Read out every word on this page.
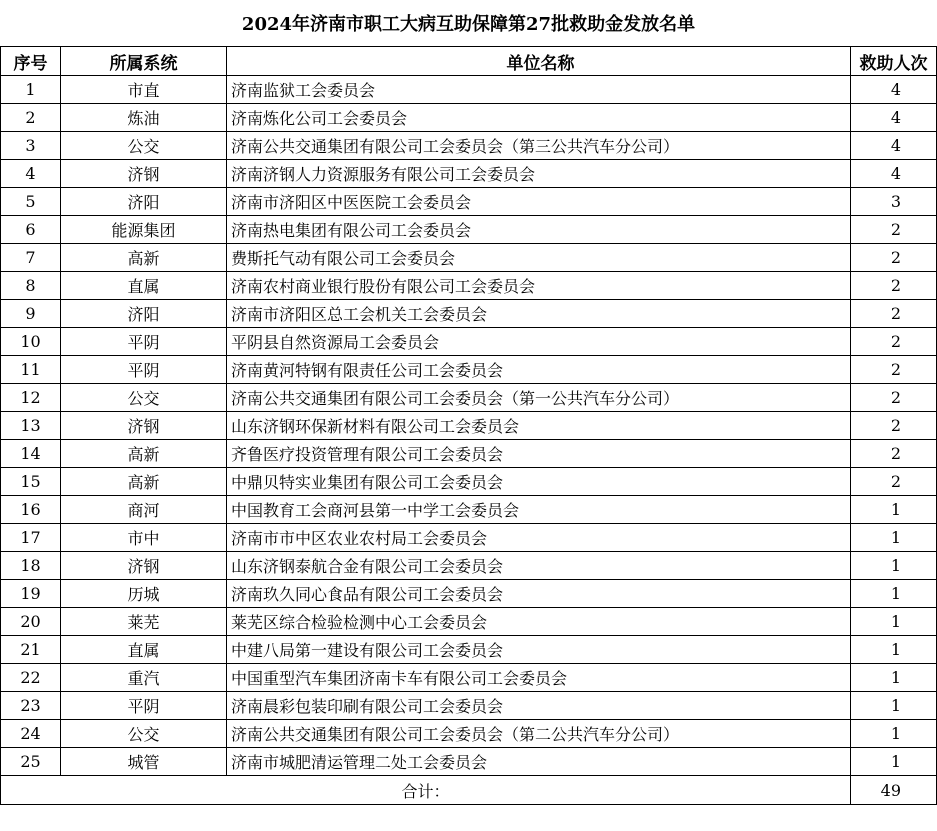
2024年济南市职工大病互助保障第27批救助金发放名单
序号	所属系统	单位名称	救助人次
1	市直	济南监狱工会委员会	4
2	炼油	济南炼化公司工会委员会	4
3	公交	济南公共交通集团有限公司工会委员会（第三公共汽车分公司）	4
4	济钢	济南济钢人力资源服务有限公司工会委员会	4
5	济阳	济南市济阳区中医医院工会委员会	3
6	能源集团	济南热电集团有限公司工会委员会	2
7	高新	费斯托气动有限公司工会委员会	2
8	直属	济南农村商业银行股份有限公司工会委员会	2
9	济阳	济南市济阳区总工会机关工会委员会	2
10	平阴	平阴县自然资源局工会委员会	2
11	平阴	济南黄河特钢有限责任公司工会委员会	2
12	公交	济南公共交通集团有限公司工会委员会（第一公共汽车分公司）	2
13	济钢	山东济钢环保新材料有限公司工会委员会	2
14	高新	齐鲁医疗投资管理有限公司工会委员会	2
15	高新	中鼎贝特实业集团有限公司工会委员会	2
16	商河	中国教育工会商河县第一中学工会委员会	1
17	市中	济南市市中区农业农村局工会委员会	1
18	济钢	山东济钢泰航合金有限公司工会委员会	1
19	历城	济南玖久同心食品有限公司工会委员会	1
20	莱芜	莱芜区综合检验检测中心工会委员会	1
21	直属	中建八局第一建设有限公司工会委员会	1
22	重汽	中国重型汽车集团济南卡车有限公司工会委员会	1
23	平阴	济南晨彩包装印刷有限公司工会委员会	1
24	公交	济南公共交通集团有限公司工会委员会（第二公共汽车分公司）	1
25	城管	济南市城肥清运管理二处工会委员会	1
合计：			49
